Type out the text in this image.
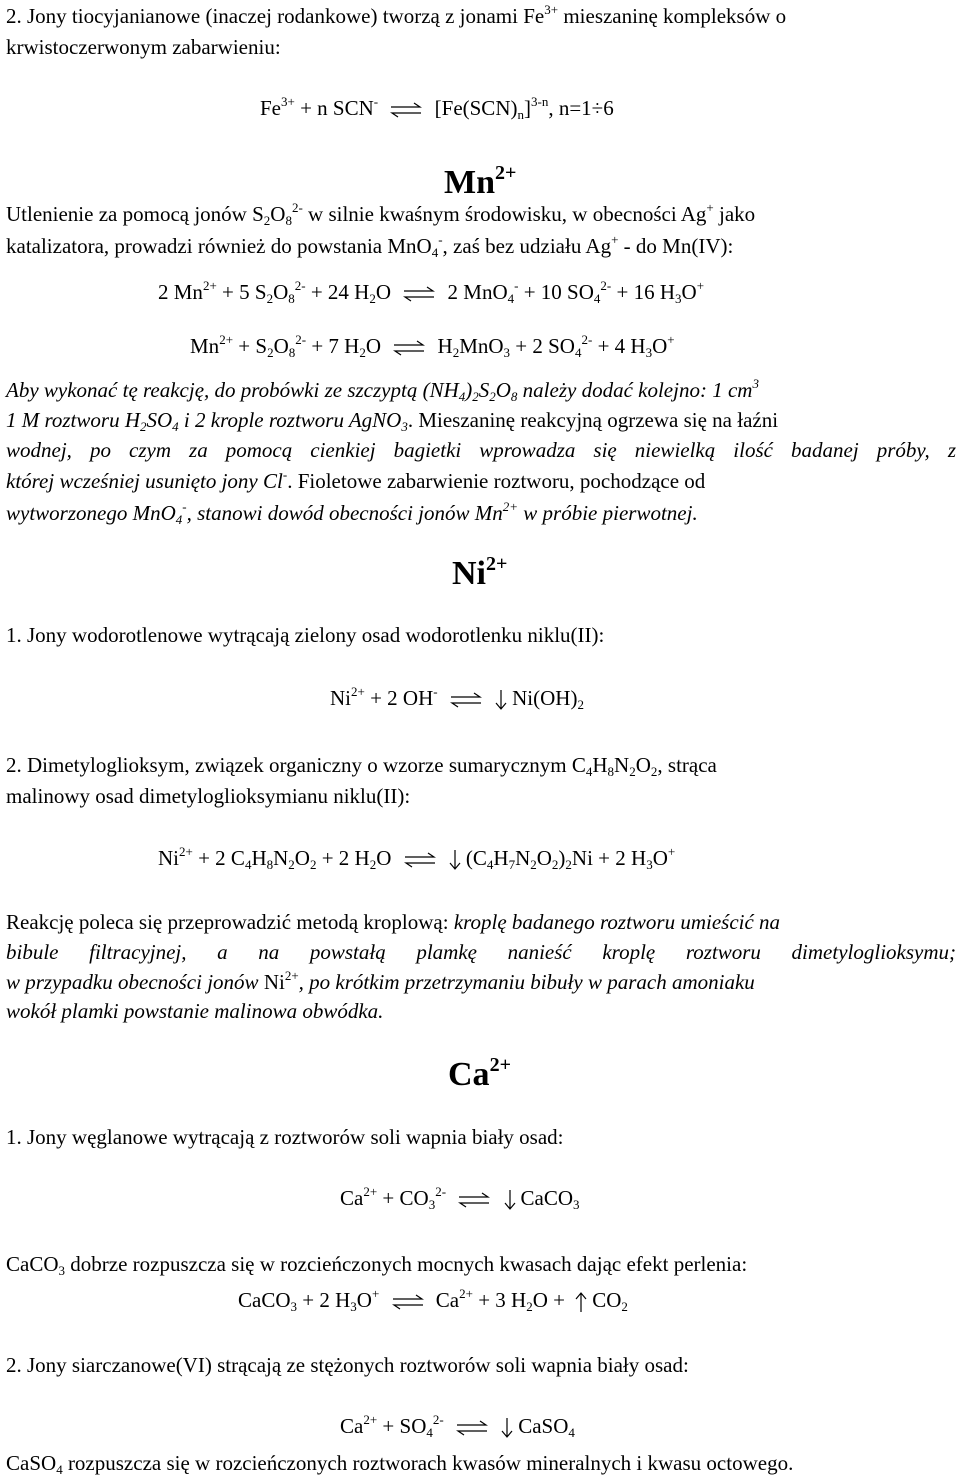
2. Jony tiocyjanianowe (inaczej rodankowe) tworzą z jonami $Fe^{3+}$ mieszaninę kompleksów o
krwistoczerwonym zabarwieniu:
$Fe^{3+} + n$ SCN- ⇌ $[Fe(SCN)_n]^{3-n}$, n=1÷6
$Mn^{2+}$
Utlenienie za pomocą jonów $S_2O_8^{2-}$ w silnie kwaśnym środowisku, w obecności Ag+ jako
katalizatora, prowadzi również do powstania MnO$_4$-, zaś bez udziału Ag+ - do Mn(IV):
2 $Mn^{2+} + 5$ $S_2O_8^{2-} + 24$ $H_2O$ ⇌ 2 MnO$_4$- + 10 $SO_4^{2-} + 16$ $H_3O^+$
$Mn^{2+} + S_2O_8^{2-} + 7$ $H_2O$ ⇌ $H_2MnO_3 + 2$ $SO_4^{2-} + 4$ $H_3O^+$
Aby wykonać tę reakcję, do probówki ze szczyptą $(NH_4)_2S_2O_8$ należy dodać kolejno: 1 $cm^3$
1 M roztworu $H_2SO_4$ i 2 krople roztworu AgNO$_3$. Mieszaninę reakcyjną ogrzewa się na łaźni
wodnej, po czym za pomocą cienkiej bagietki wprowadza się niewielką ilość badanej próby, z
której wcześniej usunięto jony Cl-. Fioletowe zabarwienie roztworu, pochodzące od
wytworzonego MnO$_4$-, stanowi dowód obecności jonów $Mn^{2+}$ w próbie pierwotnej.
$Ni^{2+}$
1. Jony wodorotlenowe wytrącają zielony osad wodorotlenku niklu(II):
$Ni^{2+} + 2$ OH- ⇌ $Ni(OH)_2$
2. Dimetyloglioksym, związek organiczny o wzorze sumarycznym $C_4H_8N_2O_2$, strąca
malinowy osad dimetyloglioksymianu niklu(II):
$Ni^{2+} + 2$ $C_4H_8N_2O_2 + 2$ $H_2O$ ⇌ $(C_4H_7N_2O_2)_2Ni + 2$ $H_3O^+$
Reakcję poleca się przeprowadzić metodą kroplową: kroplę badanego roztworu umieścić na
bibule filtracyjnej, a na powstałą plamkę nanieść kroplę roztworu dimetyloglioksymu;
w przypadku obecności jonów $Ni^{2+}$, po krótkim przetrzymaniu bibuły w parach amoniaku
wokół plamki powstanie malinowa obwódka.
$Ca^{2+}$
1. Jony węglanowe wytrącają z roztworów soli wapnia biały osad:
$Ca^{2+} + CO_3^{2-}$ ⇌ CaCO$_3$
CaCO$_3$ dobrze rozpuszcza się w rozcieńczonych mocnych kwasach dając efekt perlenia:
CaCO$_3$ + 2 $H_3O^+$ ⇌ $Ca^{2+} + 3$ $H_2O + CO_2$
2. Jony siarczanowe(VI) strącają ze stężonych roztworów soli wapnia biały osad:
$Ca^{2+} + SO_4^{2-}$ ⇌ CaSO$_4$
CaSO$_4$ rozpuszcza się w rozcieńczonych roztworach kwasów mineralnych i kwasu octowego.
